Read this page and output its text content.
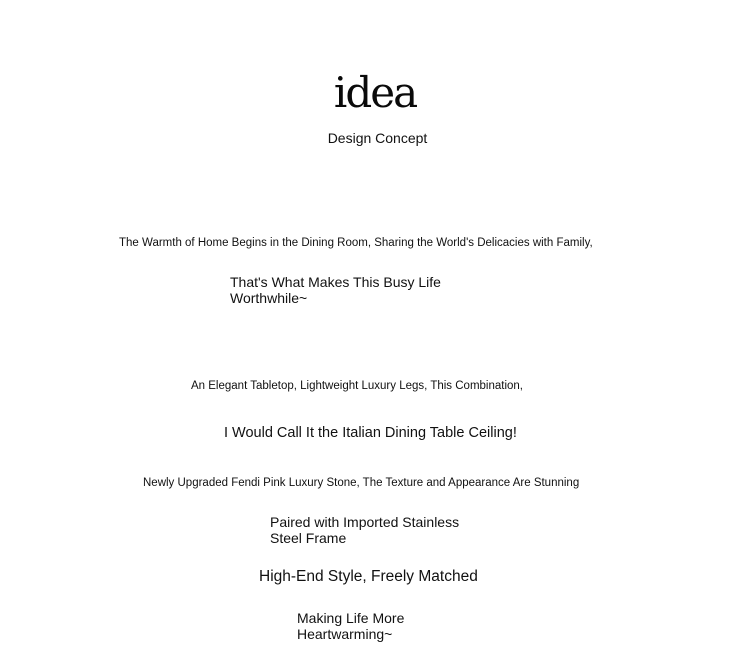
idea
Design Concept
The Warmth of Home Begins in the Dining Room, Sharing the World's Delicacies with Family,
That's What Makes This Busy Life Worthwhile~
An Elegant Tabletop, Lightweight Luxury Legs, This Combination,
I Would Call It the Italian Dining Table Ceiling!
Newly Upgraded Fendi Pink Luxury Stone, The Texture and Appearance Are Stunning
Paired with Imported Stainless Steel Frame
High-End Style, Freely Matched
Making Life More Heartwarming~
